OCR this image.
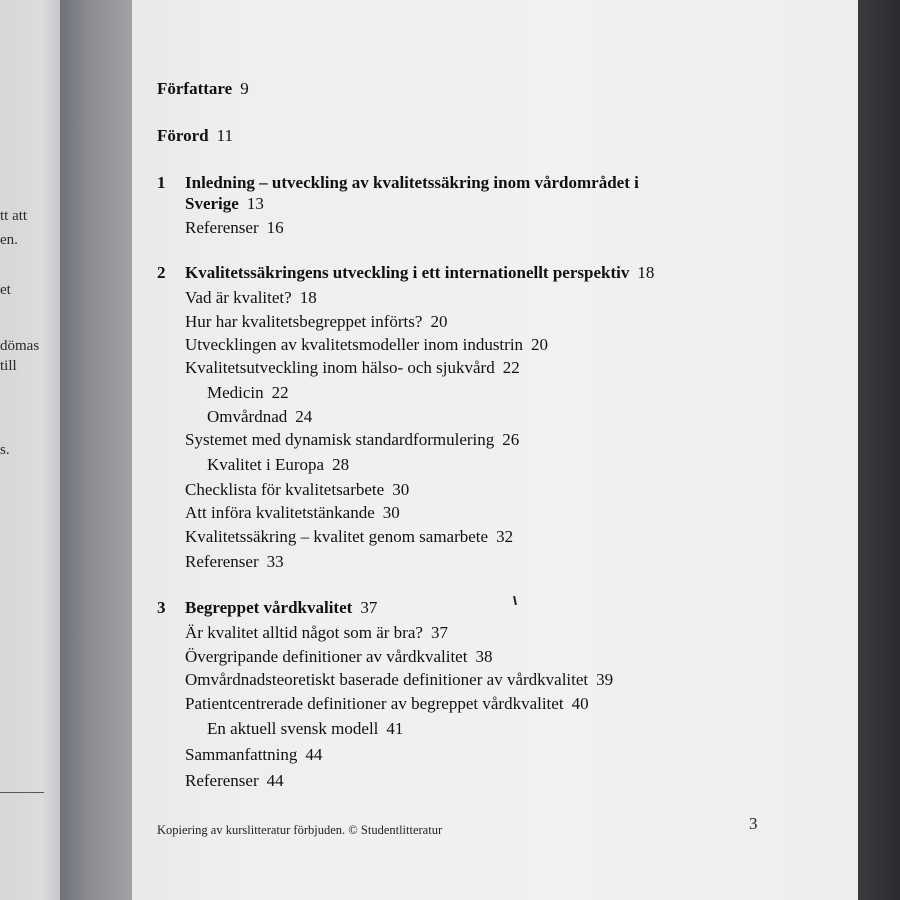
tt att
en.
et
dömas
till
s.
Författare 9
Förord 11
1 Inledning – utveckling av kvalitetssäkring inom vårdområdet i
Sverige 13
Referenser 16
2 Kvalitetssäkringens utveckling i ett internationellt perspektiv 18
Vad är kvalitet? 18
Hur har kvalitetsbegreppet införts? 20
Utvecklingen av kvalitetsmodeller inom industrin 20
Kvalitetsutveckling inom hälso- och sjukvård 22
Medicin 22
Omvårdnad 24
Systemet med dynamisk standardformulering 26
Kvalitet i Europa 28
Checklista för kvalitetsarbete 30
Att införa kvalitetstänkande 30
Kvalitetssäkring – kvalitet genom samarbete 32
Referenser 33
3 Begreppet vårdkvalitet 37
Är kvalitet alltid något som är bra? 37
Övergripande definitioner av vårdkvalitet 38
Omvårdnadsteoretiskt baserade definitioner av vårdkvalitet 39
Patientcentrerade definitioner av begreppet vårdkvalitet 40
En aktuell svensk modell 41
Sammanfattning 44
Referenser 44
Kopiering av kurslitteratur förbjuden. © Studentlitteratur	3
